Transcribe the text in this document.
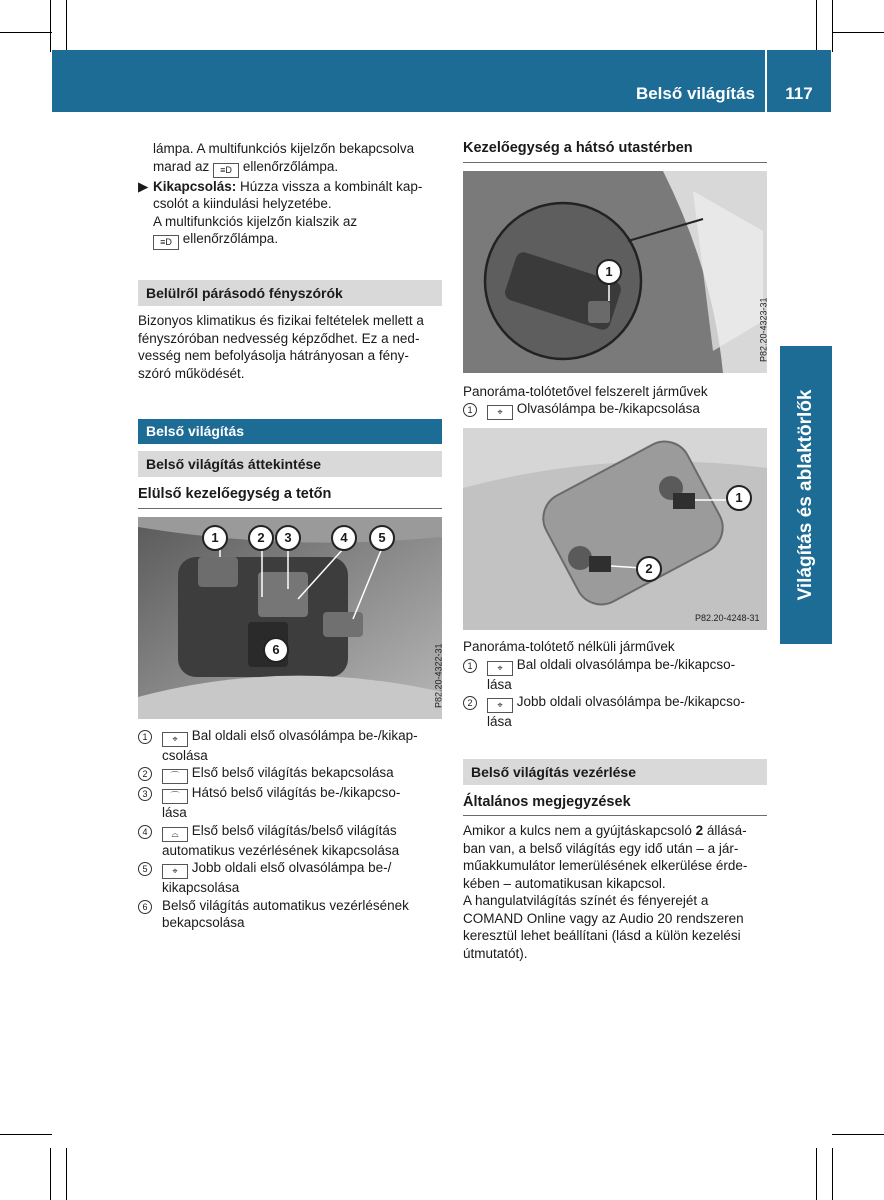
Belső világítás	117
Világítás és ablaktörlők

lámpa. A multifunkciós kijelzőn bekapcsolva

marad az ≡D ellenőrzőlámpa.

▶ Kikapcsolás: Húzza vissza a kombinált kap-

csolót a kiindulási helyzetébe.

A multifunkciós kijelzőn kialszik az

≡D ellenőrzőlámpa.

Belülről párásodó fényszórók

Bizonyos klimatikus és fizikai feltételek mellett a

fényszóróban nedvesség képződhet. Ez a ned-

vesség nem befolyásolja hátrányosan a fény-

szóró működését.

Belső világítás
Belső világítás áttekintése
Elülső kezelőegység a tetőn
1	2	3	4	5
6	P82.20-4322-31
1	⌖ Bal oldali első olvasólámpa be-/kikap-

csolása

2	⌒ Első belső világítás bekapcsolása

3	⌒ Hátsó belső világítás be-/kikapcso-

lása

4	⌓ Első belső világítás/belső világítás

automatikus vezérlésének kikapcsolása

5	⌖ Jobb oldali első olvasólámpa be-/

kikapcsolása

6	Belső világítás automatikus vezérlésének

bekapcsolása

Kezelőegység a hátsó utastérben
1
P82.20-4323-31

Panoráma-tolótetővel felszerelt járművek

1	⌖ Olvasólámpa be-/kikapcsolása

1
2
P82.20-4248-31

Panoráma-tolótető nélküli járművek

1	⌖ Bal oldali olvasólámpa be-/kikapcso-

lása

2	⌖ Jobb oldali olvasólámpa be-/kikapcso-

lása

Belső világítás vezérlése
Általános megjegyzések

Amikor a kulcs nem a gyújtáskapcsoló 2 állásá-

ban van, a belső világítás egy idő után – a jár-

műakkumulátor lemerülésének elkerülése érde-

kében – automatikusan kikapcsol.

A hangulatvilágítás színét és fényerejét a

COMAND Online vagy az Audio 20 rendszeren

keresztül lehet beállítani (lásd a külön kezelési

útmutatót).
